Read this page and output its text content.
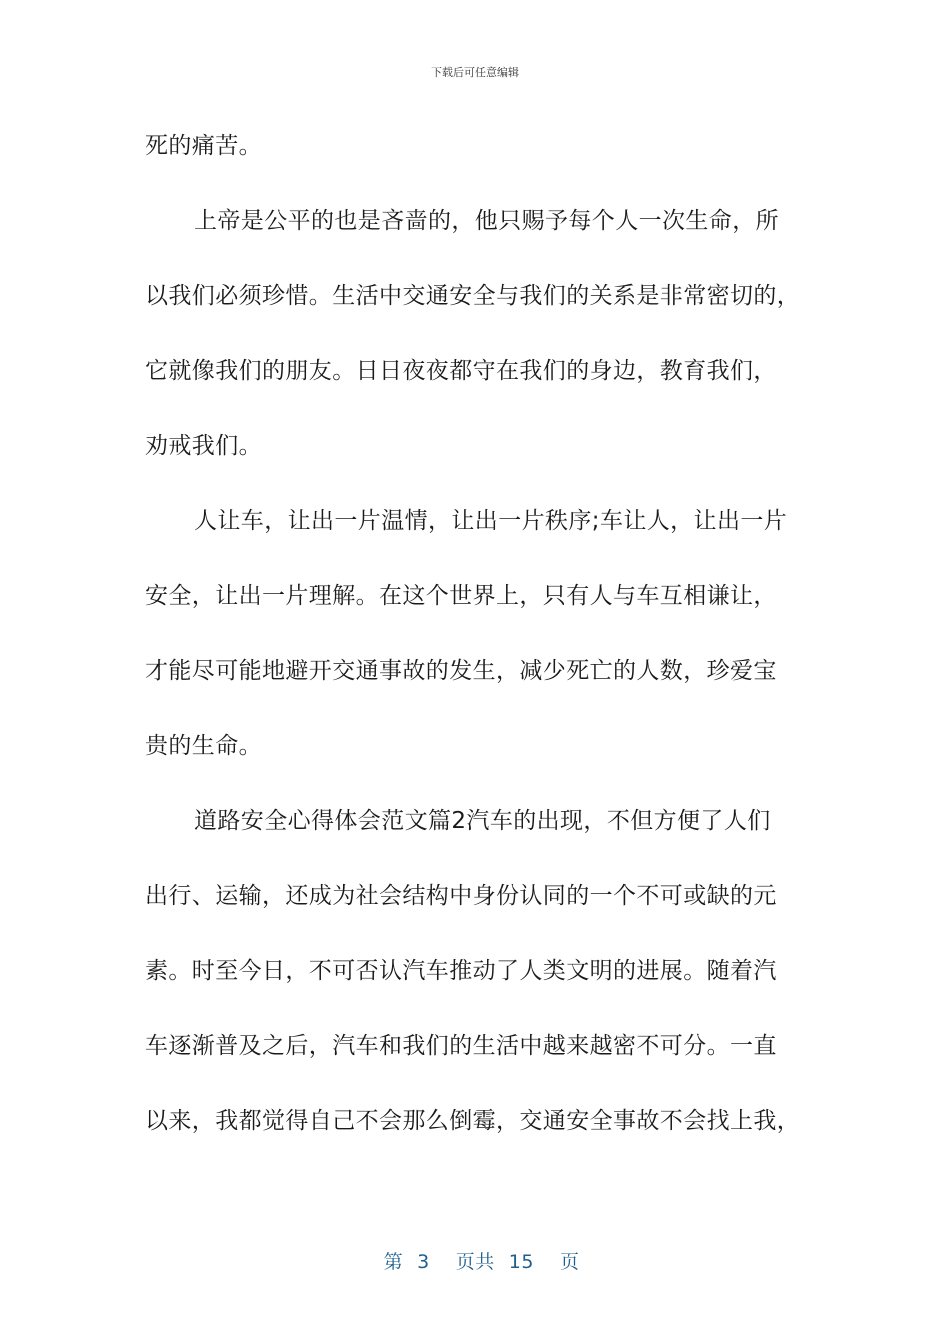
下载后可任意编辑
死的痛苦。
上帝是公平的也是吝啬的，他只赐予每个人一次生命，所
以我们必须珍惜。生活中交通安全与我们的关系是非常密切的，
它就像我们的朋友。日日夜夜都守在我们的身边，教育我们，
劝戒我们。
人让车，让出一片温情，让出一片秩序;车让人，让出一片
安全，让出一片理解。在这个世界上，只有人与车互相谦让，
才能尽可能地避开交通事故的发生，减少死亡的人数，珍爱宝
贵的生命。
道路安全心得体会范文篇2汽车的出现，不但方便了人们
出行、运输，还成为社会结构中身份认同的一个不可或缺的元
素。时至今日，不可否认汽车推动了人类文明的进展。随着汽
车逐渐普及之后，汽车和我们的生活中越来越密不可分。一直
以来，我都觉得自己不会那么倒霉，交通安全事故不会找上我，

第 3 页共 15 页
